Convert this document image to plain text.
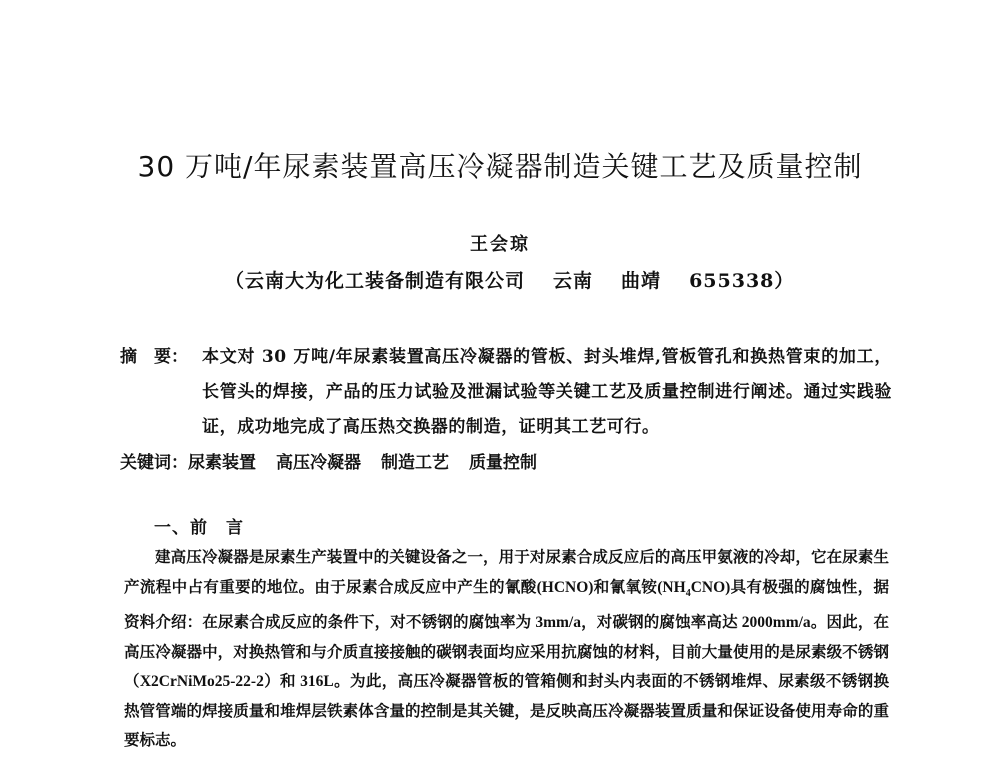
30 万吨/年尿素装置高压冷凝器制造关键工艺及质量控制
王会琼
（云南大为化工装备制造有限公司 云南 曲靖 655338）
摘　要： 本文对 30 万吨/年尿素装置高压冷凝器的管板、封头堆焊,管板管孔和换热管束的加工，长管头的焊接，产品的压力试验及泄漏试验等关键工艺及质量控制进行阐述。通过实践验证，成功地完成了高压热交换器的制造，证明其工艺可行。
关键词：尿素装置 高压冷凝器 制造工艺 质量控制
一、前　言
建高压冷凝器是尿素生产装置中的关键设备之一，用于对尿素合成反应后的高压甲氨液的冷却，它在尿素生产流程中占有重要的地位。由于尿素合成反应中产生的氰酸(HCNO)和氰氧铵$(NH_4CNO)$具有极强的腐蚀性，据资料介绍：在尿素合成反应的条件下，对不锈钢的腐蚀率为 3mm/a，对碳钢的腐蚀率高达 2000mm/a。因此，在高压冷凝器中，对换热管和与介质直接接触的碳钢表面均应采用抗腐蚀的材料，目前大量使用的是尿素级不锈钢（X2CrNiMo25-22-2）和 316L。为此，高压冷凝器管板的管箱侧和封头内表面的不锈钢堆焊、尿素级不锈钢换热管管端的焊接质量和堆焊层铁素体含量的控制是其关键，是反映高压冷凝器装置质量和保证设备使用寿命的重要标志。
